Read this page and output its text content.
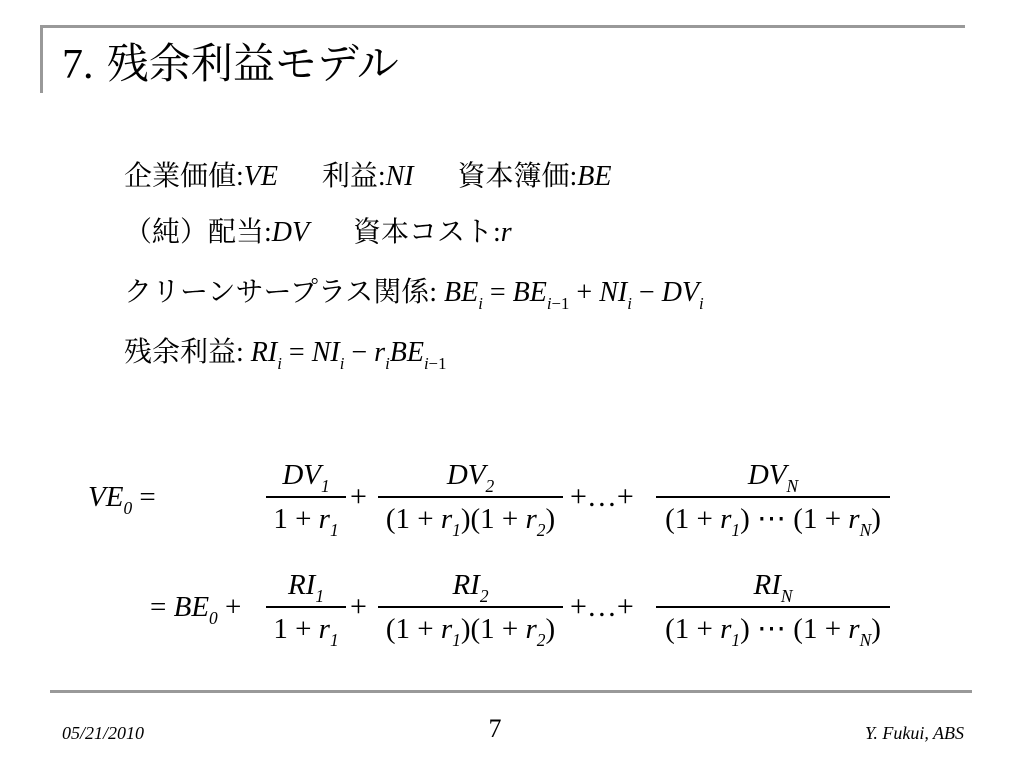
7. 残余利益モデル
企業価値:VE 利益:NI 資本簿価:BE
（純）配当:DV 資本コスト:r
クリーンサープラス関係: $BE_i = BE_{i-1} + NI_i - DV_i$
残余利益: $RI_i = NI_i - r_iBE_{i-1}$
$VE_0$ =
$DV_1$
$1 + r_1$
+
$DV_2$
$(1 + r_1)(1 + r_2)$
+…+
$DV_N$
$(1 + r_1)$ ⋯ $(1 + r_N)$
= $BE_0$ +
$RI_1$
$1 + r_1$
+
$RI_2$
$(1 + r_1)(1 + r_2)$
+…+
$RI_N$
$(1 + r_1)$ ⋯ $(1 + r_N)$
05/21/2010	7	Y. Fukui, ABS
